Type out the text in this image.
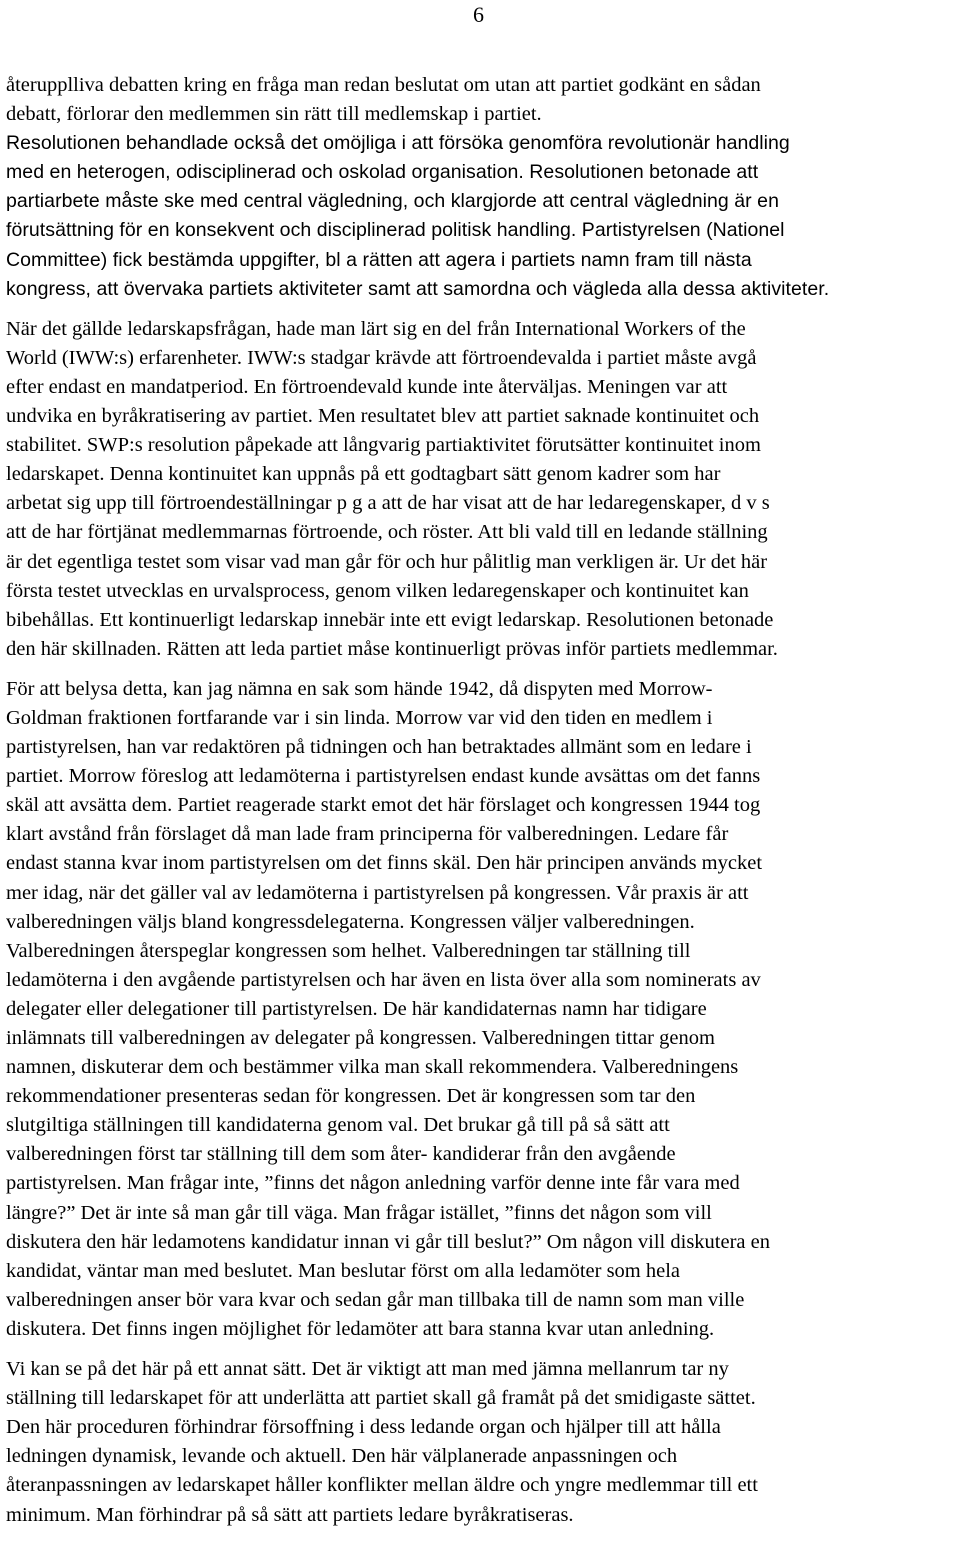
6
återupplliva debatten kring en fråga man redan beslutat om utan att partiet godkänt en sådan
debatt, förlorar den medlemmen sin rätt till medlemskap i partiet.
Resolutionen behandlade också det omöjliga i att försöka genomföra revolutionär handling
med en heterogen, odisciplinerad och oskolad organisation. Resolutionen betonade att
partiarbete måste ske med central vägledning, och klargjorde att central vägledning är en
förutsättning för en konsekvent och disciplinerad politisk handling. Partistyrelsen (Nationel
Committee) fick bestämda uppgifter, bl a rätten att agera i partiets namn fram till nästa
kongress, att övervaka partiets aktiviteter samt att samordna och vägleda alla dessa aktiviteter.
När det gällde ledarskapsfrågan, hade man lärt sig en del från International Workers of the
World (IWW:s) erfarenheter. IWW:s stadgar krävde att förtroendevalda i partiet måste avgå
efter endast en mandatperiod. En förtroendevald kunde inte återväljas. Meningen var att
undvika en byråkratisering av partiet. Men resultatet blev att partiet saknade kontinuitet och
stabilitet. SWP:s resolution påpekade att långvarig partiaktivitet förutsätter kontinuitet inom
ledarskapet. Denna kontinuitet kan uppnås på ett godtagbart sätt genom kadrer som har
arbetat sig upp till förtroendeställningar p g a att de har visat att de har ledaregenskaper, d v s
att de har förtjänat medlemmarnas förtroende, och röster. Att bli vald till en ledande ställning
är det egentliga testet som visar vad man går för och hur pålitlig man verkligen är. Ur det här
första testet utvecklas en urvalsprocess, genom vilken ledaregenskaper och kontinuitet kan
bibehållas. Ett kontinuerligt ledarskap innebär inte ett evigt ledarskap. Resolutionen betonade
den här skillnaden. Rätten att leda partiet måse kontinuerligt prövas inför partiets medlemmar.
För att belysa detta, kan jag nämna en sak som hände 1942, då dispyten med Morrow-
Goldman fraktionen fortfarande var i sin linda. Morrow var vid den tiden en medlem i
partistyrelsen, han var redaktören på tidningen och han betraktades allmänt som en ledare i
partiet. Morrow föreslog att ledamöterna i partistyrelsen endast kunde avsättas om det fanns
skäl att avsätta dem. Partiet reagerade starkt emot det här förslaget och kongressen 1944 tog
klart avstånd från förslaget då man lade fram principerna för valberedningen. Ledare får
endast stanna kvar inom partistyrelsen om det finns skäl. Den här principen används mycket
mer idag, när det gäller val av ledamöterna i partistyrelsen på kongressen. Vår praxis är att
valberedningen väljs bland kongressdelegaterna. Kongressen väljer valberedningen.
Valberedningen återspeglar kongressen som helhet. Valberedningen tar ställning till
ledamöterna i den avgående partistyrelsen och har även en lista över alla som nominerats av
delegater eller delegationer till partistyrelsen. De här kandidaternas namn har tidigare
inlämnats till valberedningen av delegater på kongressen. Valberedningen tittar genom
namnen, diskuterar dem och bestämmer vilka man skall rekommendera. Valberedningens
rekommendationer presenteras sedan för kongressen. Det är kongressen som tar den
slutgiltiga ställningen till kandidaterna genom val. Det brukar gå till på så sätt att
valberedningen först tar ställning till dem som åter- kandiderar från den avgående
partistyrelsen. Man frågar inte, ”finns det någon anledning varför denne inte får vara med
längre?” Det är inte så man går till väga. Man frågar istället, ”finns det någon som vill
diskutera den här ledamotens kandidatur innan vi går till beslut?” Om någon vill diskutera en
kandidat, väntar man med beslutet. Man beslutar först om alla ledamöter som hela
valberedningen anser bör vara kvar och sedan går man tillbaka till de namn som man ville
diskutera. Det finns ingen möjlighet för ledamöter att bara stanna kvar utan anledning.
Vi kan se på det här på ett annat sätt. Det är viktigt att man med jämna mellanrum tar ny
ställning till ledarskapet för att underlätta att partiet skall gå framåt på det smidigaste sättet.
Den här proceduren förhindrar försoffning i dess ledande organ och hjälper till att hålla
ledningen dynamisk, levande och aktuell. Den här välplanerade anpassningen och
återanpassningen av ledarskapet håller konflikter mellan äldre och yngre medlemmar till ett
minimum. Man förhindrar på så sätt att partiets ledare byråkratiseras.
